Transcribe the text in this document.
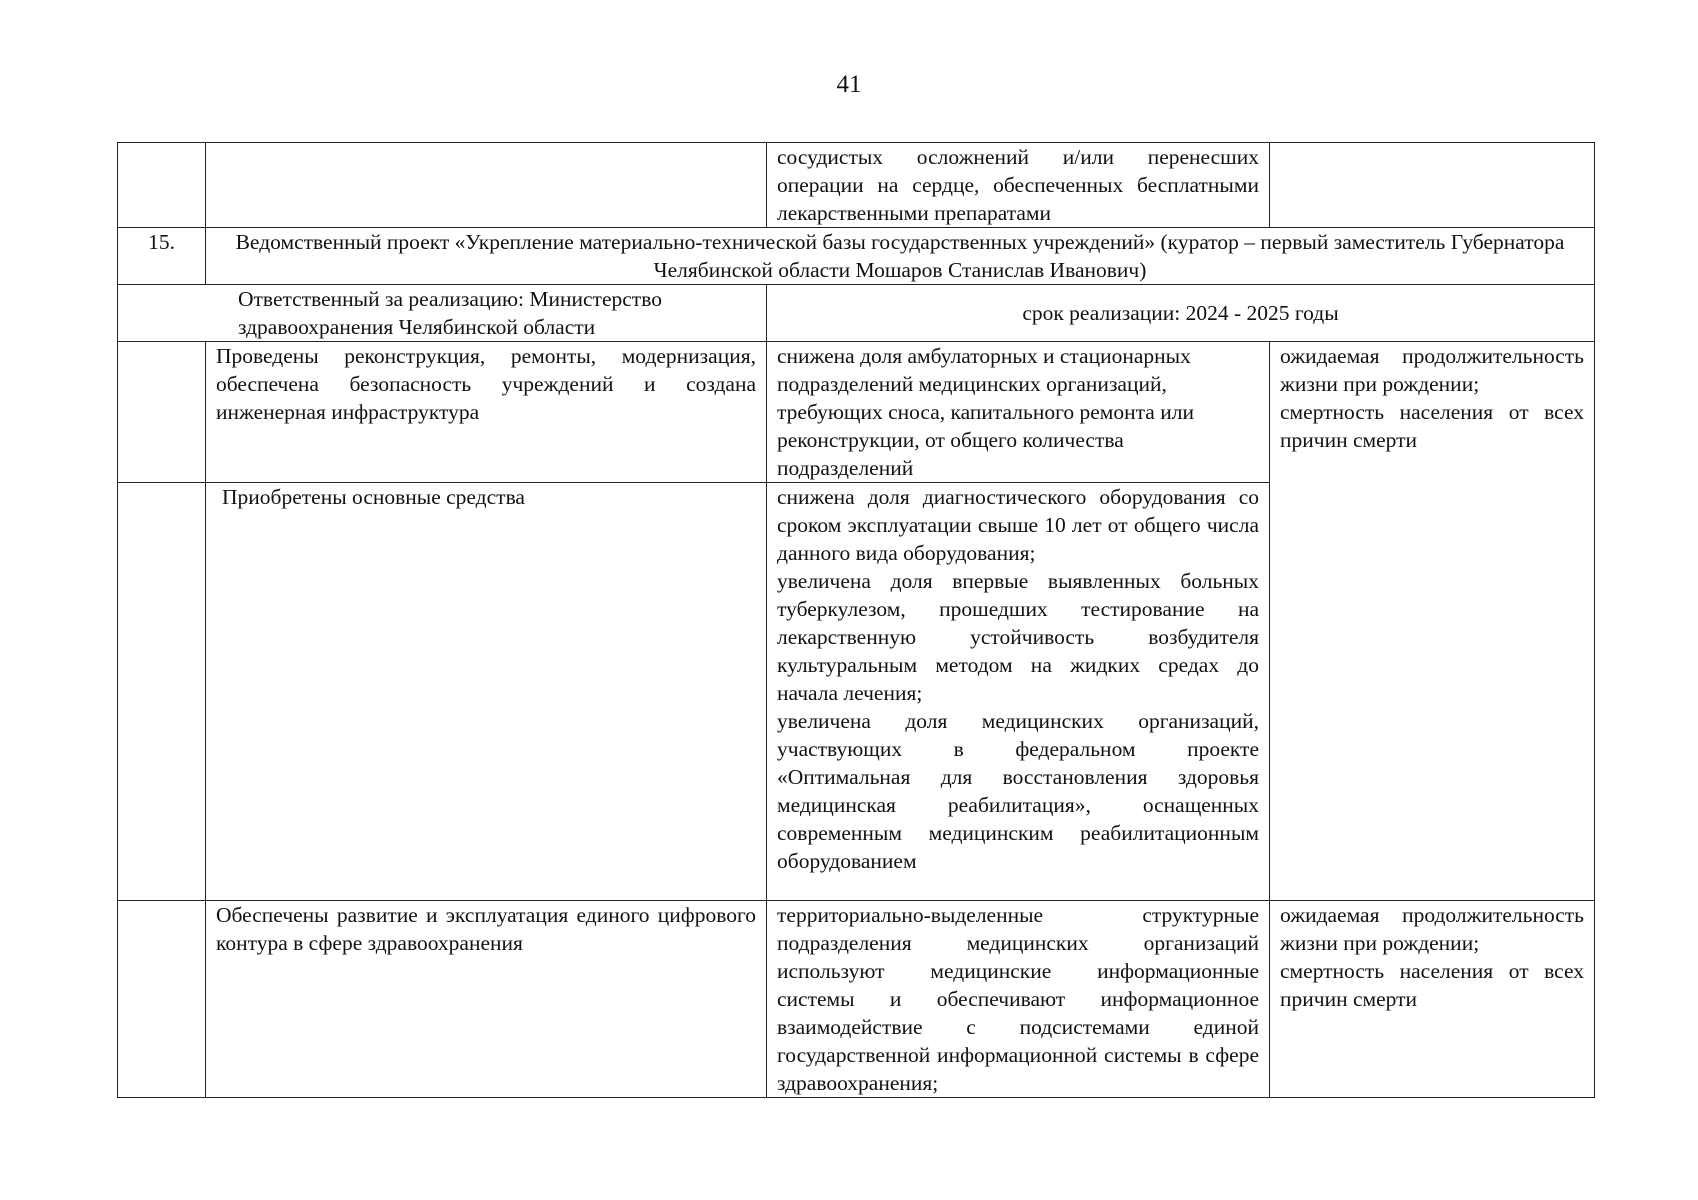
41
		сосудистых осложнений и/или перенесших операции на сердце, обеспеченных бесплатными лекарственными препаратами	
15.	Ведомственный проект «Укрепление материально-технической базы государственных учреждений» (куратор – первый заместитель Губернатора Челябинской области Мошаров Станислав Иванович)		
Ответственный за реализацию: Министерство здравоохранения Челябинской области		срок реализации: 2024 - 2025 годы	
	Проведены реконструкция, ремонты, модернизация, обеспечена безопасность учреждений и создана инженерная инфраструктура	снижена доля амбулаторных и стационарных подразделений медицинских организаций, требующих сноса, капитального ремонта или реконструкции, от общего количества подразделений	ожидаемая продолжительность жизни при рождении;
смертность населения от всех причин смерти
	Приобретены основные средства	снижена доля диагностического оборудования со сроком эксплуатации свыше 10 лет от общего числа данного вида оборудования;
увеличена доля впервые выявленных больных туберкулезом, прошедших тестирование на лекарственную устойчивость возбудителя культуральным методом на жидких средах до начала лечения;
увеличена доля медицинских организаций, участвующих в федеральном проекте «Оптимальная для восстановления здоровья медицинская реабилитация», оснащенных современным медицинским реабилитационным оборудованием	
	Обеспечены развитие и эксплуатация единого цифрового контура в сфере здравоохранения	территориально-выделенные структурные подразделения медицинских организаций используют медицинские информационные системы и обеспечивают информационное взаимодействие с подсистемами единой государственной информационной системы в сфере здравоохранения;	ожидаемая продолжительность жизни при рождении;
смертность населения от всех причин смерти
